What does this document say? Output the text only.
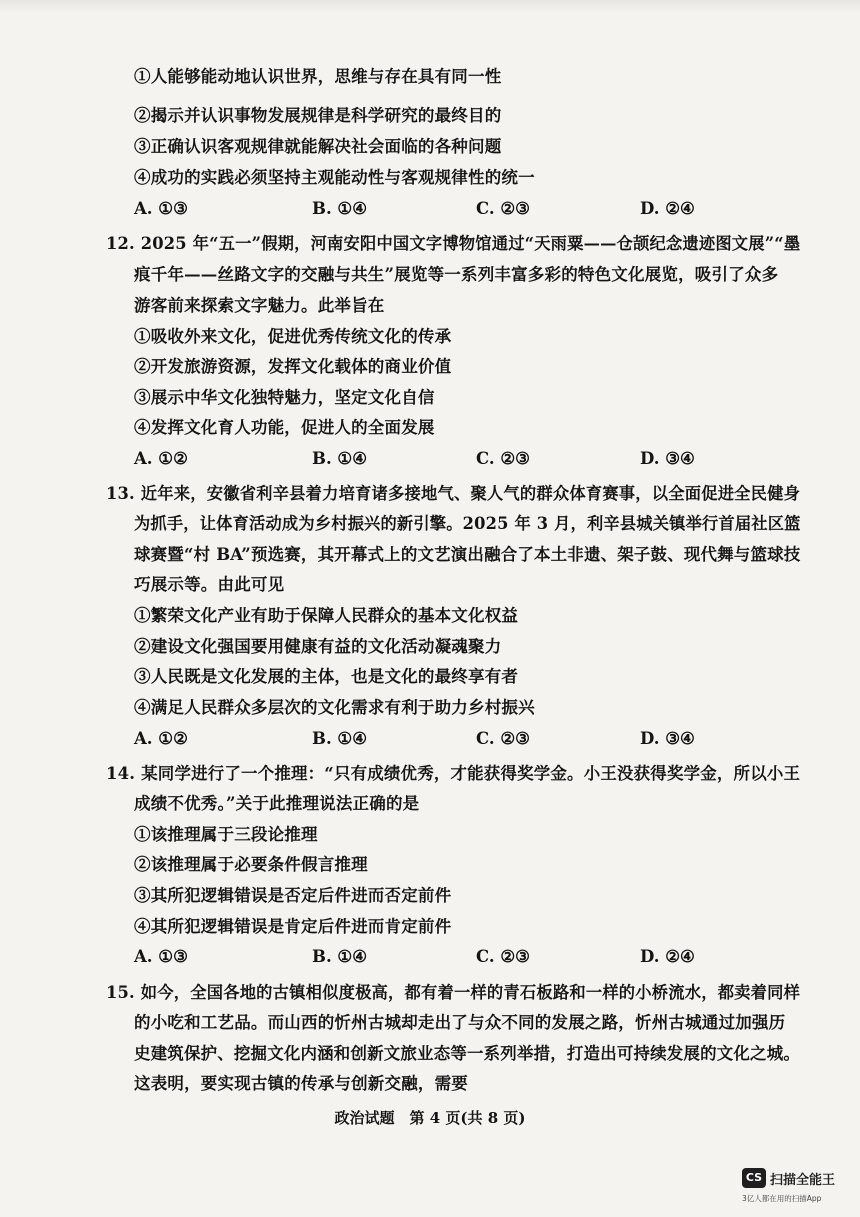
①人能够能动地认识世界，思维与存在具有同一性
②揭示并认识事物发展规律是科学研究的最终目的
③正确认识客观规律就能解决社会面临的各种问题
④成功的实践必须坚持主观能动性与客观规律性的统一
A. ①③	B. ①④	C. ②③	D. ②④
12. 2025 年“五一”假期，河南安阳中国文字博物馆通过“天雨粟——仓颉纪念遗迹图文展”“墨
痕千年——丝路文字的交融与共生”展览等一系列丰富多彩的特色文化展览，吸引了众多
游客前来探索文字魅力。此举旨在
①吸收外来文化，促进优秀传统文化的传承
②开发旅游资源，发挥文化载体的商业价值
③展示中华文化独特魅力，坚定文化自信
④发挥文化育人功能，促进人的全面发展
A. ①②	B. ①④	C. ②③	D. ③④
13. 近年来，安徽省利辛县着力培育诸多接地气、聚人气的群众体育赛事，以全面促进全民健身
为抓手，让体育活动成为乡村振兴的新引擎。2025 年 3 月，利辛县城关镇举行首届社区篮
球赛暨“村 BA”预选赛，其开幕式上的文艺演出融合了本土非遗、架子鼓、现代舞与篮球技
巧展示等。由此可见
①繁荣文化产业有助于保障人民群众的基本文化权益
②建设文化强国要用健康有益的文化活动凝魂聚力
③人民既是文化发展的主体，也是文化的最终享有者
④满足人民群众多层次的文化需求有利于助力乡村振兴
A. ①②	B. ①④	C. ②③	D. ③④
14. 某同学进行了一个推理：“只有成绩优秀，才能获得奖学金。小王没获得奖学金，所以小王
成绩不优秀。”关于此推理说法正确的是
①该推理属于三段论推理
②该推理属于必要条件假言推理
③其所犯逻辑错误是否定后件进而否定前件
④其所犯逻辑错误是肯定后件进而肯定前件
A. ①③	B. ①④	C. ②③	D. ②④
15. 如今，全国各地的古镇相似度极高，都有着一样的青石板路和一样的小桥流水，都卖着同样
的小吃和工艺品。而山西的忻州古城却走出了与众不同的发展之路，忻州古城通过加强历
史建筑保护、挖掘文化内涵和创新文旅业态等一系列举措，打造出可持续发展的文化之城。
这表明，要实现古镇的传承与创新交融，需要
政治试题　第 4 页(共 8 页)
CS 扫描全能王
3亿人都在用的扫描App
